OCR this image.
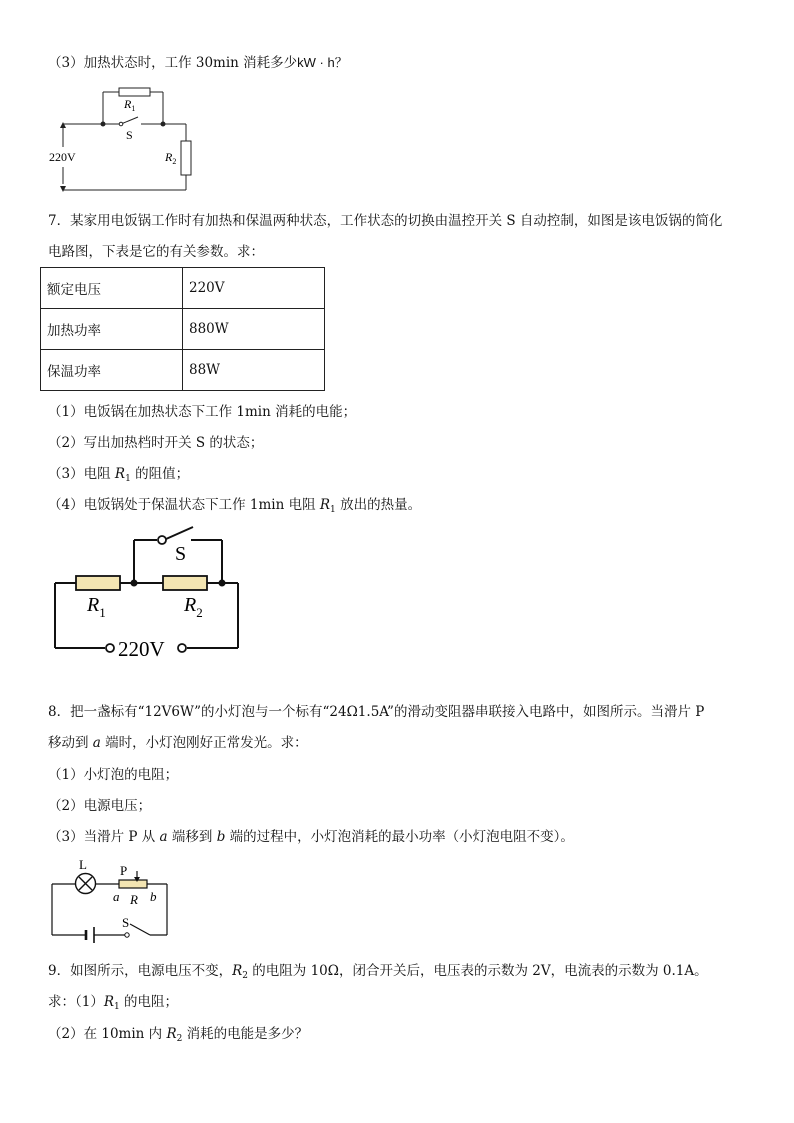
（3）加热状态时，工作 30min 消耗多少kW · h？
$R_1$
S
220V	$R_2$
7．某家用电饭锅工作时有加热和保温两种状态，工作状态的切换由温控开关 S 自动控制，如图是该电饭锅的简化
电路图，下表是它的有关参数。求：
额定电压	220V
加热功率	880W
保温功率	88W
（1）电饭锅在加热状态下工作 1min 消耗的电能；
（2）写出加热档时开关 S 的状态；
（3）电阻 $R_1$ 的阻值；
（4）电饭锅处于保温状态下工作 1min 电阻 $R_1$ 放出的热量。
S
$R_1$	$R_2$
220V
8．把一盏标有“12V6W”的小灯泡与一个标有“24Ω1.5A”的滑动变阻器串联接入电路中，如图所示。当滑片 P
移动到 a 端时，小灯泡刚好正常发光。求：
（1）小灯泡的电阻；
（2）电源电压；
（3）当滑片 P 从 a 端移到 b 端的过程中，小灯泡消耗的最小功率（小灯泡电阻不变）。
L	P
a R b
S
9．如图所示，电源电压不变，$R_2$ 的电阻为 10Ω，闭合开关后，电压表的示数为 2V，电流表的示数为 0.1A。
求：$(1)R_1$ 的电阻；
（2）在 10min 内 $R_2$ 消耗的电能是多少？
